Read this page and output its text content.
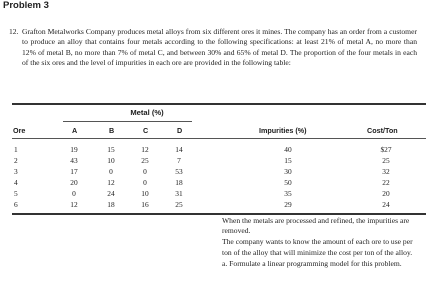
Problem 3
12. Grafton Metalworks Company produces metal alloys from six different ores it mines. The company has an order from a customer to produce an alloy that contains four metals according to the following specifications: at least 21% of metal A, no more than 12% of metal B, no more than 7% of metal C, and between 30% and 65% of metal D. The proportion of the four metals in each of the six ores and the level of impurities in each ore are provided in the following table:
Metal (%)
Ore	A	B	C	D	Impurities (%)	Cost/Ton
1	19	15	12	14	40	$27
2	43	10	25	7	15	25
3	17	0	0	53	30	32
4	20	12	0	18	50	22
5	0	24	10	31	35	20
6	12	18	16	25	29	24

When the metals are processed and refined, the impurities are removed.

The company wants to know the amount of each ore to use per ton of the alloy that will minimize the cost per ton of the alloy.

a. Formulate a linear programming model for this problem.
